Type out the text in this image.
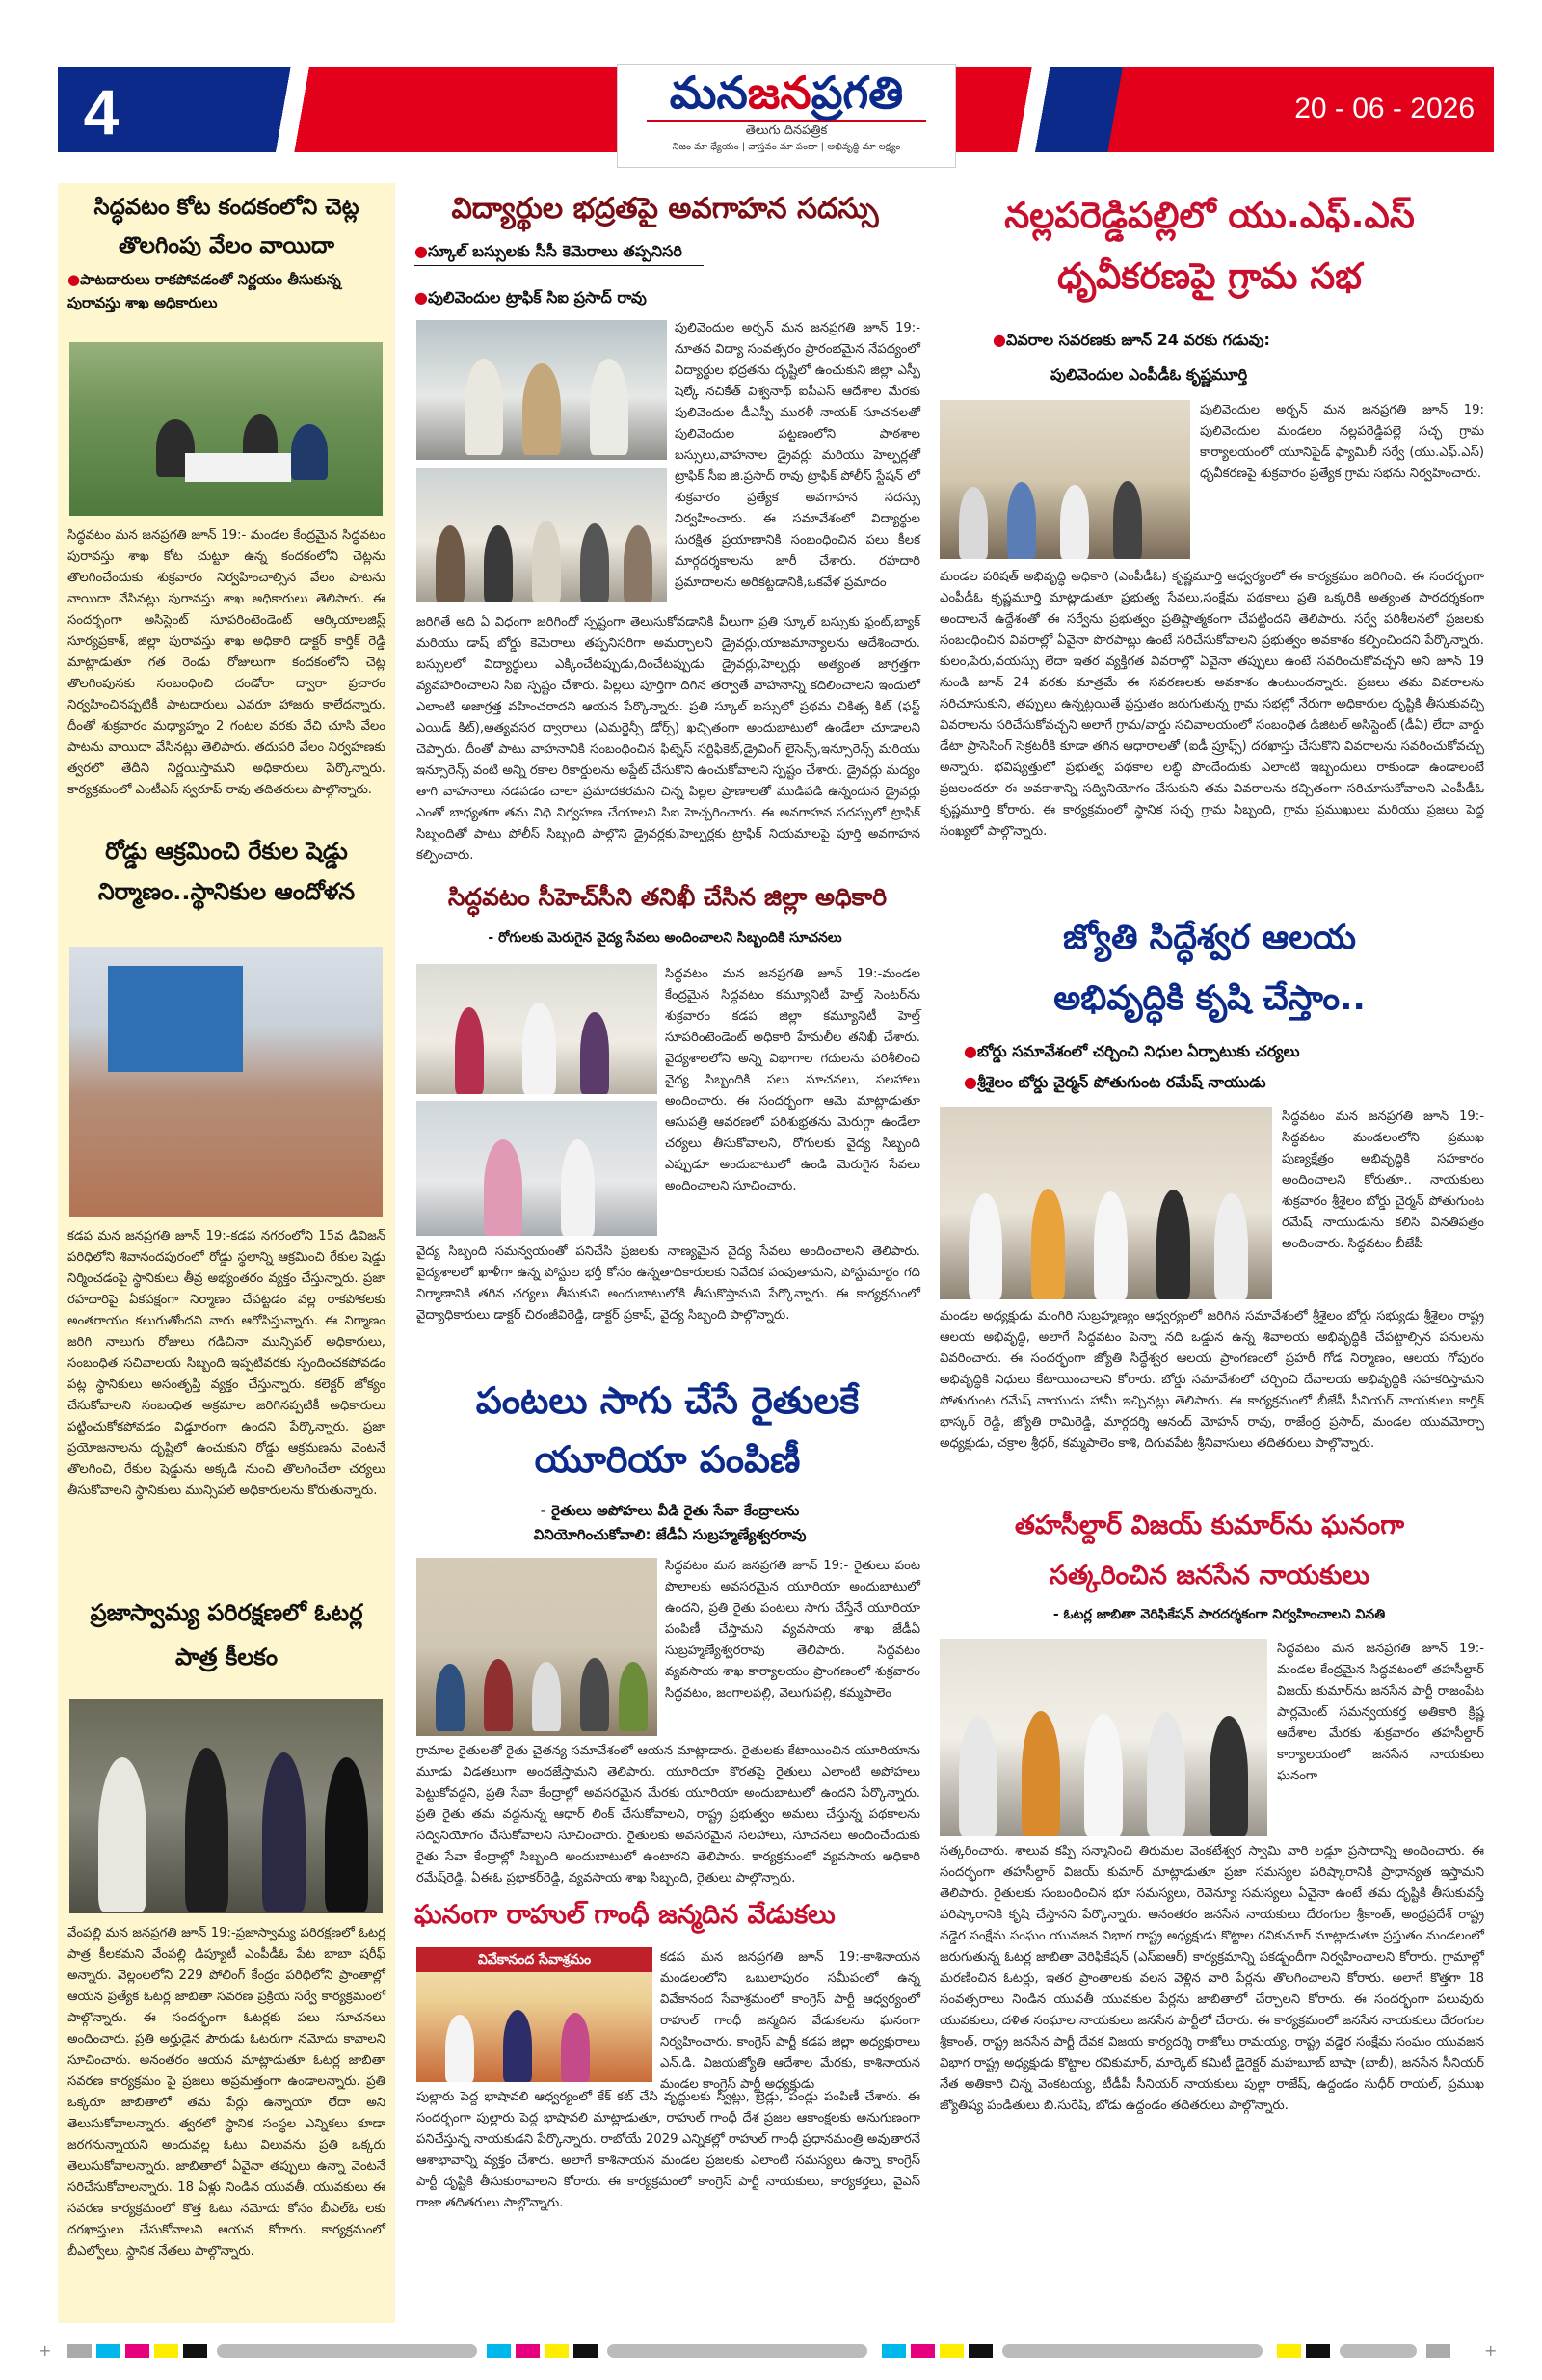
4	మనజనప్రగతి
తెలుగు దినపత్రిక
నిజం మా ధ్యేయం | వాస్తవం మా పంథా | అభివృద్ధి మా లక్ష్యం
20 - 06 - 2026
సిద్ధవటం కోట కందకంలోని చెట్ల తొలగింపు వేలం వాయిదా
●పాటదారులు రాకపోవడంతో నిర్ణయం తీసుకున్న పురావస్తు శాఖ అధికారులు
సిద్ధవటం మన జనప్రగతి జూన్ 19:- మండల కేంద్రమైన సిద్ధవటం పురావస్తు శాఖ కోట చుట్టూ ఉన్న కందకంలోని చెట్లను తొలగించేందుకు శుక్రవారం నిర్వహించాల్సిన వేలం పాటను వాయిదా వేసినట్లు పురావస్తు శాఖ అధికారులు తెలిపారు. ఈ సందర్భంగా అసిస్టెంట్ సూపరింటెండెంట్ ఆర్కియాలజిస్ట్ సూర్యప్రకాశ్, జిల్లా పురావస్తు శాఖ అధికారి డాక్టర్ కార్తిక్ రెడ్డి మాట్లాడుతూ గత రెండు రోజులుగా కందకంలోని చెట్ల తొలగింపునకు సంబంధించి దండోరా ద్వారా ప్రచారం నిర్వహించినప్పటికీ పాటదారులు ఎవరూ హాజరు కాలేదన్నారు. దీంతో శుక్రవారం మధ్యాహ్నం 2 గంటల వరకు వేచి చూసి వేలం పాటను వాయిదా వేసినట్లు తెలిపారు. తదుపరి వేలం నిర్వహణకు త్వరలో తేదీని నిర్ణయిస్తామని అధికారులు పేర్కొన్నారు. కార్యక్రమంలో ఎంటీఎస్ స్వరూప్ రావు తదితరులు పాల్గొన్నారు.
రోడ్డు ఆక్రమించి రేకుల షెడ్డు నిర్మాణం..స్థానికుల ఆందోళన
కడప మన జనప్రగతి జూన్ 19:-కడప నగరంలోని 15వ డివిజన్ పరిధిలోని శివానందపురంలో రోడ్డు స్థలాన్ని ఆక్రమించి రేకుల షెడ్డు నిర్మించడంపై స్థానికులు తీవ్ర అభ్యంతరం వ్యక్తం చేస్తున్నారు. ప్రజా రహదారిపై ఏకపక్షంగా నిర్మాణం చేపట్టడం వల్ల రాకపోకలకు అంతరాయం కలుగుతోందని వారు ఆరోపిస్తున్నారు. ఈ నిర్మాణం జరిగి నాలుగు రోజులు గడిచినా మున్సిపల్ అధికారులు, సంబంధిత సచివాలయ సిబ్బంది ఇప్పటివరకు స్పందించకపోవడం పట్ల స్థానికులు అసంతృప్తి వ్యక్తం చేస్తున్నారు. కలెక్టర్ జోక్యం చేసుకోవాలని సంబంధిత అక్రమాల జరిగినప్పటికీ అధికారులు పట్టించుకోకపోవడం విడ్డూరంగా ఉందని పేర్కొన్నారు. ప్రజా ప్రయోజనాలను దృష్టిలో ఉంచుకుని రోడ్డు ఆక్రమణను వెంటనే తొలగించి, రేకుల షెడ్డును అక్కడి నుంచి తొలగించేలా చర్యలు తీసుకోవాలని స్థానికులు మున్సిపల్ అధికారులను కోరుతున్నారు.
ప్రజాస్వామ్య పరిరక్షణలో ఓటర్ల పాత్ర కీలకం
వేంపల్లి మన జనప్రగతి జూన్ 19:-ప్రజాస్వామ్య పరిరక్షణలో ఓటర్ల పాత్ర కీలకమని వేంపల్లి డిప్యూటీ ఎంపీడీఓ పేట బాబా షరీఫ్ అన్నారు. వెల్లంలలోని 229 పోలింగ్ కేంద్రం పరిధిలోని ప్రాంతాల్లో ఆయన ప్రత్యేక ఓటర్ల జాబితా సవరణ ప్రక్రియ సర్వే కార్యక్రమంలో పాల్గొన్నారు. ఈ సందర్భంగా ఓటర్లకు పలు సూచనలు అందించారు. ప్రతి అర్హుడైన పౌరుడు ఓటరుగా నమోదు కావాలని సూచించారు. అనంతరం ఆయన మాట్లాడుతూ ఓటర్ల జాబితా సవరణ కార్యక్రమం పై ప్రజలు అప్రమత్తంగా ఉండాలన్నారు. ప్రతి ఒక్కరూ జాబితాలో తమ పేర్లు ఉన్నాయా లేదా అని తెలుసుకోవాలన్నారు. త్వరలో స్థానిక సంస్థల ఎన్నికలు కూడా జరగనున్నాయని అందువల్ల ఓటు విలువను ప్రతి ఒక్కరు తెలుసుకోవాలన్నారు. జాబితాలో ఏవైనా తప్పులు ఉన్నా వెంటనే సరిచేసుకోవాలన్నారు. 18 ఏళ్లు నిండిన యువతీ, యువకులు ఈ సవరణ కార్యక్రమంలో కొత్త ఓటు నమోదు కోసం బీఎల్ఓ లకు దరఖాస్తులు చేసుకోవాలని ఆయన కోరారు. కార్యక్రమంలో బీఎల్వోలు, స్థానిక నేతలు పాల్గొన్నారు.
విద్యార్థుల భద్రతపై అవగాహన సదస్సు
●స్కూల్ బస్సులకు సీసీ కెమెరాలు తప్పనిసరి
●పులివెందుల ట్రాఫిక్ సిఐ ప్రసాద్ రావు
పులివెందుల అర్బన్ మన జనప్రగతి జూన్ 19:- నూతన విద్యా సంవత్సరం ప్రారంభమైన నేపథ్యంలో విద్యార్థుల భద్రతను దృష్టిలో ఉంచుకుని జిల్లా ఎస్పీ షెల్కే నచికేత్ విశ్వనాథ్ ఐపీఎస్ ఆదేశాల మేరకు పులివెందుల డీఎస్పీ మురళీ నాయక్ సూచనలతో పులివెందుల పట్టణంలోని పాఠశాల బస్సులు,వాహనాల డ్రైవర్లు మరియు హెల్పర్లతో ట్రాఫిక్ సీఐ జి.ప్రసాద్ రావు ట్రాఫిక్ పోలీస్ స్టేషన్ లో శుక్రవారం ప్రత్యేక అవగాహన సదస్సు నిర్వహించారు. ఈ సమావేశంలో విద్యార్థుల సురక్షిత ప్రయాణానికి సంబంధించిన పలు కీలక మార్గదర్శకాలను జారీ చేశారు. రహదారి ప్రమాదాలను అరికట్టడానికి,ఒకవేళ ప్రమాదం
జరిగితే అది ఏ విధంగా జరిగిందో స్పష్టంగా తెలుసుకోవడానికి వీలుగా ప్రతి స్కూల్ బస్సుకు ఫ్రంట్,బ్యాక్ మరియు డాష్ బోర్డు కెమెరాలు తప్పనిసరిగా అమర్చాలని డ్రైవర్లు,యాజమాన్యాలను ఆదేశించారు. బస్సులలో విద్యార్థులు ఎక్కించేటప్పుడు,దించేటప్పుడు డ్రైవర్లు,హెల్పర్లు అత్యంత జాగ్రత్తగా వ్యవహరించాలని సిఐ స్పష్టం చేశారు. పిల్లలు పూర్తిగా దిగిన తర్వాతే వాహనాన్ని కదిలించాలని ఇందులో ఎలాంటి అజాగ్రత్త వహించరాదని ఆయన పేర్కొన్నారు. ప్రతి స్కూల్ బస్సులో ప్రథమ చికిత్స కిట్ (ఫస్ట్ ఎయిడ్ కిట్),అత్యవసర ద్వారాలు (ఎమర్జెన్సీ డోర్స్) ఖచ్చితంగా అందుబాటులో ఉండేలా చూడాలని చెప్పారు. దీంతో పాటు వాహనానికి సంబంధించిన ఫిట్నెస్ సర్టిఫికెట్,డ్రైవింగ్ లైసెన్స్,ఇన్సూరెన్స్ మరియు ఇన్సూరెన్స్ వంటి అన్ని రకాల రికార్డులను అప్డేట్ చేసుకొని ఉంచుకోవాలని స్పష్టం చేశారు. డ్రైవర్లు మద్యం తాగి వాహనాలు నడపడం చాలా ప్రమాదకరమని చిన్న పిల్లల ప్రాణాలతో ముడిపడి ఉన్నందున డ్రైవర్లు ఎంతో బాధ్యతగా తమ విధి నిర్వహణ చేయాలని సిఐ హెచ్చరించారు. ఈ అవగాహన సదస్సులో ట్రాఫిక్ సిబ్బందితో పాటు పోలీస్ సిబ్బంది పాల్గొని డ్రైవర్లకు,హెల్పర్లకు ట్రాఫిక్ నియమాలపై పూర్తి అవగాహన కల్పించారు.
సిద్ధవటం సీహెచ్‌సీని తనిఖీ చేసిన జిల్లా అధికారి
- రోగులకు మెరుగైన వైద్య సేవలు అందించాలని సిబ్బందికి సూచనలు
సిద్ధవటం మన జనప్రగతి జూన్ 19:-మండల కేంద్రమైన సిద్ధవటం కమ్యూనిటీ హెల్త్ సెంటర్‌ను శుక్రవారం కడప జిల్లా కమ్యూనిటీ హెల్త్ సూపరింటెండెంట్ అధికారి హేమలీల తనిఖీ చేశారు. వైద్యశాలలోని అన్ని విభాగాల గదులను పరిశీలించి వైద్య సిబ్బందికి పలు సూచనలు, సలహాలు అందించారు. ఈ సందర్భంగా ఆమె మాట్లాడుతూ ఆసుపత్రి ఆవరణలో పరిశుభ్రతను మెరుగ్గా ఉండేలా చర్యలు తీసుకోవాలని, రోగులకు వైద్య సిబ్బంది ఎప్పుడూ అందుబాటులో ఉండి మెరుగైన సేవలు అందించాలని సూచించారు.
వైద్య సిబ్బంది సమన్వయంతో పనిచేసి ప్రజలకు నాణ్యమైన వైద్య సేవలు అందించాలని తెలిపారు. వైద్యశాలలో ఖాళీగా ఉన్న పోస్టుల భర్తీ కోసం ఉన్నతాధికారులకు నివేదిక పంపుతామని, పోస్టుమార్టం గది నిర్మాణానికి తగిన చర్యలు తీసుకుని అందుబాటులోకి తీసుకొస్తామని పేర్కొన్నారు. ఈ కార్యక్రమంలో వైద్యాధికారులు డాక్టర్ చిరంజీవిరెడ్డి, డాక్టర్ ప్రకాష్, వైద్య సిబ్బంది పాల్గొన్నారు.
పంటలు సాగు చేసే రైతులకే
యూరియా పంపిణీ
- రైతులు అపోహలు వీడి రైతు సేవా కేంద్రాలను
వినియోగించుకోవాలి: జేడీఏ సుబ్రహ్మణ్యేశ్వరరావు
సిద్ధవటం మన జనప్రగతి జూన్ 19:- రైతులు పంట పొలాలకు అవసరమైన యూరియా అందుబాటులో ఉందని, ప్రతి రైతు పంటలు సాగు చేస్తేనే యూరియా పంపిణీ చేస్తామని వ్యవసాయ శాఖ జేడీఏ సుబ్రహ్మణ్యేశ్వరరావు తెలిపారు. సిద్ధవటం వ్యవసాయ శాఖ కార్యాలయం ప్రాంగణంలో శుక్రవారం సిద్ధవటం, జంగాలపల్లి, వెలుగుపల్లి, కమ్మపాలెం
గ్రామాల రైతులతో రైతు చైతన్య సమావేశంలో ఆయన మాట్లాడారు. రైతులకు కేటాయించిన యూరియాను మూడు విడతలుగా అందజేస్తామని తెలిపారు. యూరియా కొరతపై రైతులు ఎలాంటి అపోహలు పెట్టుకోవద్దని, ప్రతి సేవా కేంద్రాల్లో అవసరమైన మేరకు యూరియా అందుబాటులో ఉందని పేర్కొన్నారు. ప్రతి రైతు తమ వద్దనున్న ఆధార్ లింక్ చేసుకోవాలని, రాష్ట్ర ప్రభుత్వం అమలు చేస్తున్న పథకాలను సద్వినియోగం చేసుకోవాలని సూచించారు. రైతులకు అవసరమైన సలహాలు, సూచనలు అందించేందుకు రైతు సేవా కేంద్రాల్లో సిబ్బంది అందుబాటులో ఉంటారని తెలిపారు. కార్యక్రమంలో వ్యవసాయ అధికారి రమేష్‌రెడ్డి, ఏఈఓ ప్రభాకర్‌రెడ్డి, వ్యవసాయ శాఖ సిబ్బంది, రైతులు పాల్గొన్నారు.
ఘనంగా రాహుల్ గాంధీ జన్మదిన వేడుకలు
వివేకానంద సేవాశ్రమం	కడప మన జనప్రగతి జూన్ 19:-కాశినాయన మండలంలోని ఒబులాపురం సమీపంలో ఉన్న వివేకానంద సేవాశ్రమంలో కాంగ్రెస్ పార్టీ ఆధ్వర్యంలో రాహుల్ గాంధీ జన్మదిన వేడుకలను ఘనంగా నిర్వహించారు. కాంగ్రెస్ పార్టీ కడప జిల్లా అధ్యక్షురాలు ఎన్.డి. విజయజ్యోతి ఆదేశాల మేరకు, కాశినాయన మండల కాంగ్రెస్ పార్టీ అధ్యక్షుడు
పుల్లారు పెద్ద భాషావలి ఆధ్వర్యంలో కేక్ కట్ చేసి వృద్ధులకు స్వీట్లు, బ్రెడ్లు, పండ్లు పంపిణీ చేశారు. ఈ సందర్భంగా పుల్లారు పెద్ద భాషావలి మాట్లాడుతూ, రాహుల్ గాంధీ దేశ ప్రజల ఆకాంక్షలకు అనుగుణంగా పనిచేస్తున్న నాయకుడని పేర్కొన్నారు. రాబోయే 2029 ఎన్నికల్లో రాహుల్ గాంధీ ప్రధానమంత్రి అవుతారనే ఆశాభావాన్ని వ్యక్తం చేశారు. అలాగే కాశినాయన మండల ప్రజలకు ఎలాంటి సమస్యలు ఉన్నా కాంగ్రెస్ పార్టీ దృష్టికి తీసుకురావాలని కోరారు. ఈ కార్యక్రమంలో కాంగ్రెస్ పార్టీ నాయకులు, కార్యకర్తలు, వైఎస్ రాజా తదితరులు పాల్గొన్నారు.
నల్లపరెడ్డిపల్లిలో యు.ఎఫ్.ఎస్
ధృవీకరణపై గ్రామ సభ
●వివరాల సవరణకు జూన్ 24 వరకు గడువు:
పులివెందుల ఎంపీడీఓ కృష్ణమూర్తి
పులివెందుల అర్బన్ మన జనప్రగతి జూన్ 19: పులివెందుల మండలం నల్లపరెడ్డిపల్లె సచ్ఛ గ్రామ కార్యాలయంలో యూనిఫైడ్ ఫ్యామిలీ సర్వే (యు.ఎఫ్.ఎస్) ధృవీకరణపై శుక్రవారం ప్రత్యేక గ్రామ సభను నిర్వహించారు.
మండల పరిషత్ అభివృద్ధి అధికారి (ఎంపీడీఓ) కృష్ణమూర్తి ఆధ్వర్యంలో ఈ కార్యక్రమం జరిగింది. ఈ సందర్భంగా ఎంపీడీఓ కృష్ణమూర్తి మాట్లాడుతూ ప్రభుత్వ సేవలు,సంక్షేమ పథకాలు ప్రతి ఒక్కరికి అత్యంత పారదర్శకంగా అందాలనే ఉద్దేశంతో ఈ సర్వేను ప్రభుత్వం ప్రతిష్టాత్మకంగా చేపట్టిందని తెలిపారు. సర్వే పరిశీలనలో ప్రజలకు సంబంధించిన వివరాల్లో ఏవైనా పొరపాట్లు ఉంటే సరిచేసుకోవాలని ప్రభుత్వం అవకాశం కల్పించిందని పేర్కొన్నారు. కులం,పేరు,వయస్సు లేదా ఇతర వ్యక్తిగత వివరాల్లో ఏవైనా తప్పులు ఉంటే సవరించుకోవచ్చని అని జూన్ 19 నుండి జూన్ 24 వరకు మాత్రమే ఈ సవరణలకు అవకాశం ఉంటుందన్నారు. ప్రజలు తమ వివరాలను సరిచూసుకుని, తప్పులు ఉన్నట్లయితే ప్రస్తుతం జరుగుతున్న గ్రామ సభల్లో నేరుగా అధికారుల దృష్టికి తీసుకువచ్చి వివరాలను సరిచేసుకోవచ్చని అలాగే గ్రామ/వార్డు సచివాలయంలో సంబంధిత డిజిటల్ అసిస్టెంట్ (డీఏ) లేదా వార్డు డేటా ప్రాసెసింగ్ సెక్రటరీకి కూడా తగిన ఆధారాలతో (ఐడీ ప్రూఫ్స్) దరఖాస్తు చేసుకొని వివరాలను సవరించుకోవచ్చు అన్నారు. భవిష్యత్తులో ప్రభుత్వ పథకాల లబ్ధి పొందేందుకు ఎలాంటి ఇబ్బందులు రాకుండా ఉండాలంటే ప్రజలందరూ ఈ అవకాశాన్ని సద్వినియోగం చేసుకుని తమ వివరాలను కచ్చితంగా సరిచూసుకోవాలని ఎంపీడీఓ కృష్ణమూర్తి కోరారు. ఈ కార్యక్రమంలో స్థానిక సచ్ఛ గ్రామ సిబ్బంది, గ్రామ ప్రముఖులు మరియు ప్రజలు పెద్ద సంఖ్యలో పాల్గొన్నారు.
జ్యోతి సిద్ధేశ్వర ఆలయ
అభివృద్ధికి కృషి చేస్తాం..
●బోర్డు సమావేశంలో చర్చించి నిధుల ఏర్పాటుకు చర్యలు
●శ్రీశైలం బోర్డు చైర్మన్ పోతుగుంట రమేష్ నాయుడు
సిద్ధవటం మన జనప్రగతి జూన్ 19:- సిద్ధవటం మండలంలోని ప్రముఖ పుణ్యక్షేత్రం అభివృద్ధికి సహకారం అందించాలని కోరుతూ.. నాయకులు శుక్రవారం శ్రీశైలం బోర్డు చైర్మన్ పోతుగుంట రమేష్ నాయుడును కలిసి వినతిపత్రం అందించారు. సిద్ధవటం బీజేపీ
మండల అధ్యక్షుడు మంగిరి సుబ్రహ్మణ్యం ఆధ్వర్యంలో జరిగిన సమావేశంలో శ్రీశైలం బోర్డు సభ్యుడు శ్రీశైలం రాష్ట్ర ఆలయ అభివృద్ధి, అలాగే సిద్ధవటం పెన్నా నది ఒడ్డున ఉన్న శివాలయ అభివృద్ధికి చేపట్టాల్సిన పనులను వివరించారు. ఈ సందర్భంగా జ్యోతి సిద్ధేశ్వర ఆలయ ప్రాంగణంలో ప్రహరీ గోడ నిర్మాణం, ఆలయ గోపురం అభివృద్ధికి నిధులు కేటాయించాలని కోరారు. బోర్డు సమావేశంలో చర్చించి దేవాలయ అభివృద్ధికి సహకరిస్తామని పోతుగుంట రమేష్ నాయుడు హామీ ఇచ్చినట్లు తెలిపారు. ఈ కార్యక్రమంలో బీజేపీ సీనియర్ నాయకులు కార్తిక్ భాస్కర్ రెడ్డి, జ్యోతి రామిరెడ్డి, మార్గదర్శి ఆనంద్ మోహన్ రావు, రాజేంద్ర ప్రసాద్, మండల యువమోర్చా అధ్యక్షుడు, చక్రాల శ్రీధర్, కమ్మపాలెం కాశి, దిగువపేట శ్రీనివాసులు తదితరులు పాల్గొన్నారు.
తహసీల్దార్ విజయ్ కుమార్‌ను ఘనంగా
సత్కరించిన జనసేన నాయకులు
- ఓటర్ల జాబితా వెరిఫికేషన్ పారదర్శకంగా నిర్వహించాలని వినతి
సిద్ధవటం మన జనప్రగతి జూన్ 19:-మండల కేంద్రమైన సిద్ధవటంలో తహసీల్దార్ విజయ్ కుమార్‌ను జనసేన పార్టీ రాజంపేట పార్లమెంట్ సమన్వయకర్త అతికారి క్రిష్ణ ఆదేశాల మేరకు శుక్రవారం తహసీల్దార్ కార్యాలయంలో జనసేన నాయకులు ఘనంగా
సత్కరించారు. శాలువ కప్పి సన్మానించి తిరుమల వెంకటేశ్వర స్వామి వారి లడ్డూ ప్రసాదాన్ని అందించారు. ఈ సందర్భంగా తహసీల్దార్ విజయ్ కుమార్ మాట్లాడుతూ ప్రజా సమస్యల పరిష్కారానికి ప్రాధాన్యత ఇస్తామని తెలిపారు. రైతులకు సంబంధించిన భూ సమస్యలు, రెవెన్యూ సమస్యలు ఏవైనా ఉంటే తమ దృష్టికి తీసుకువస్తే పరిష్కారానికి కృషి చేస్తానని పేర్కొన్నారు. అనంతరం జనసేన నాయకులు దేరంగుల శ్రీకాంత్, అంధ్రప్రదేశ్ రాష్ట్ర వడ్డెర సంక్షేమ సంఘం యువజన విభాగ రాష్ట్ర అధ్యక్షుడు కొట్టాల రవికుమార్ మాట్లాడుతూ ప్రస్తుతం మండలంలో జరుగుతున్న ఓటర్ల జాబితా వెరిఫికేషన్ (ఎస్ఐఆర్) కార్యక్రమాన్ని పకడ్బందీగా నిర్వహించాలని కోరారు. గ్రామాల్లో మరణించిన ఓటర్లు, ఇతర ప్రాంతాలకు వలస వెళ్లిన వారి పేర్లను తొలగించాలని కోరారు. అలాగే కొత్తగా 18 సంవత్సరాలు నిండిన యువతీ యువకుల పేర్లను జాబితాలో చేర్చాలని కోరారు. ఈ సందర్భంగా పలువురు యువకులు, దళిత సంఘాల నాయకులు జనసేన పార్టీలో చేరారు. ఈ కార్యక్రమంలో జనసేన నాయకులు దేరంగుల శ్రీకాంత్, రాష్ట్ర జనసేన పార్టీ దేవక విజయ కార్యదర్శి రాజోలు రామయ్య, రాష్ట్ర వడ్డెర సంక్షేమ సంఘం యువజన విభాగ రాష్ట్ర అధ్యక్షుడు కొట్టాల రవికుమార్, మార్కెట్ కమిటీ డైరెక్టర్ మహబూబ్ బాషా (బాబీ), జనసేన సీనియర్ నేత అతికారి చిన్న వెంకటయ్య, టీడీపీ సీనియర్ నాయకులు పుల్లా రాజేష్, ఉద్దండం సుధీర్ రాయల్, ప్రముఖ జ్యోతిష్య పండితులు బి.సురేష్, బోడు ఉద్దండం తదితరులు పాల్గొన్నారు.
+	+
